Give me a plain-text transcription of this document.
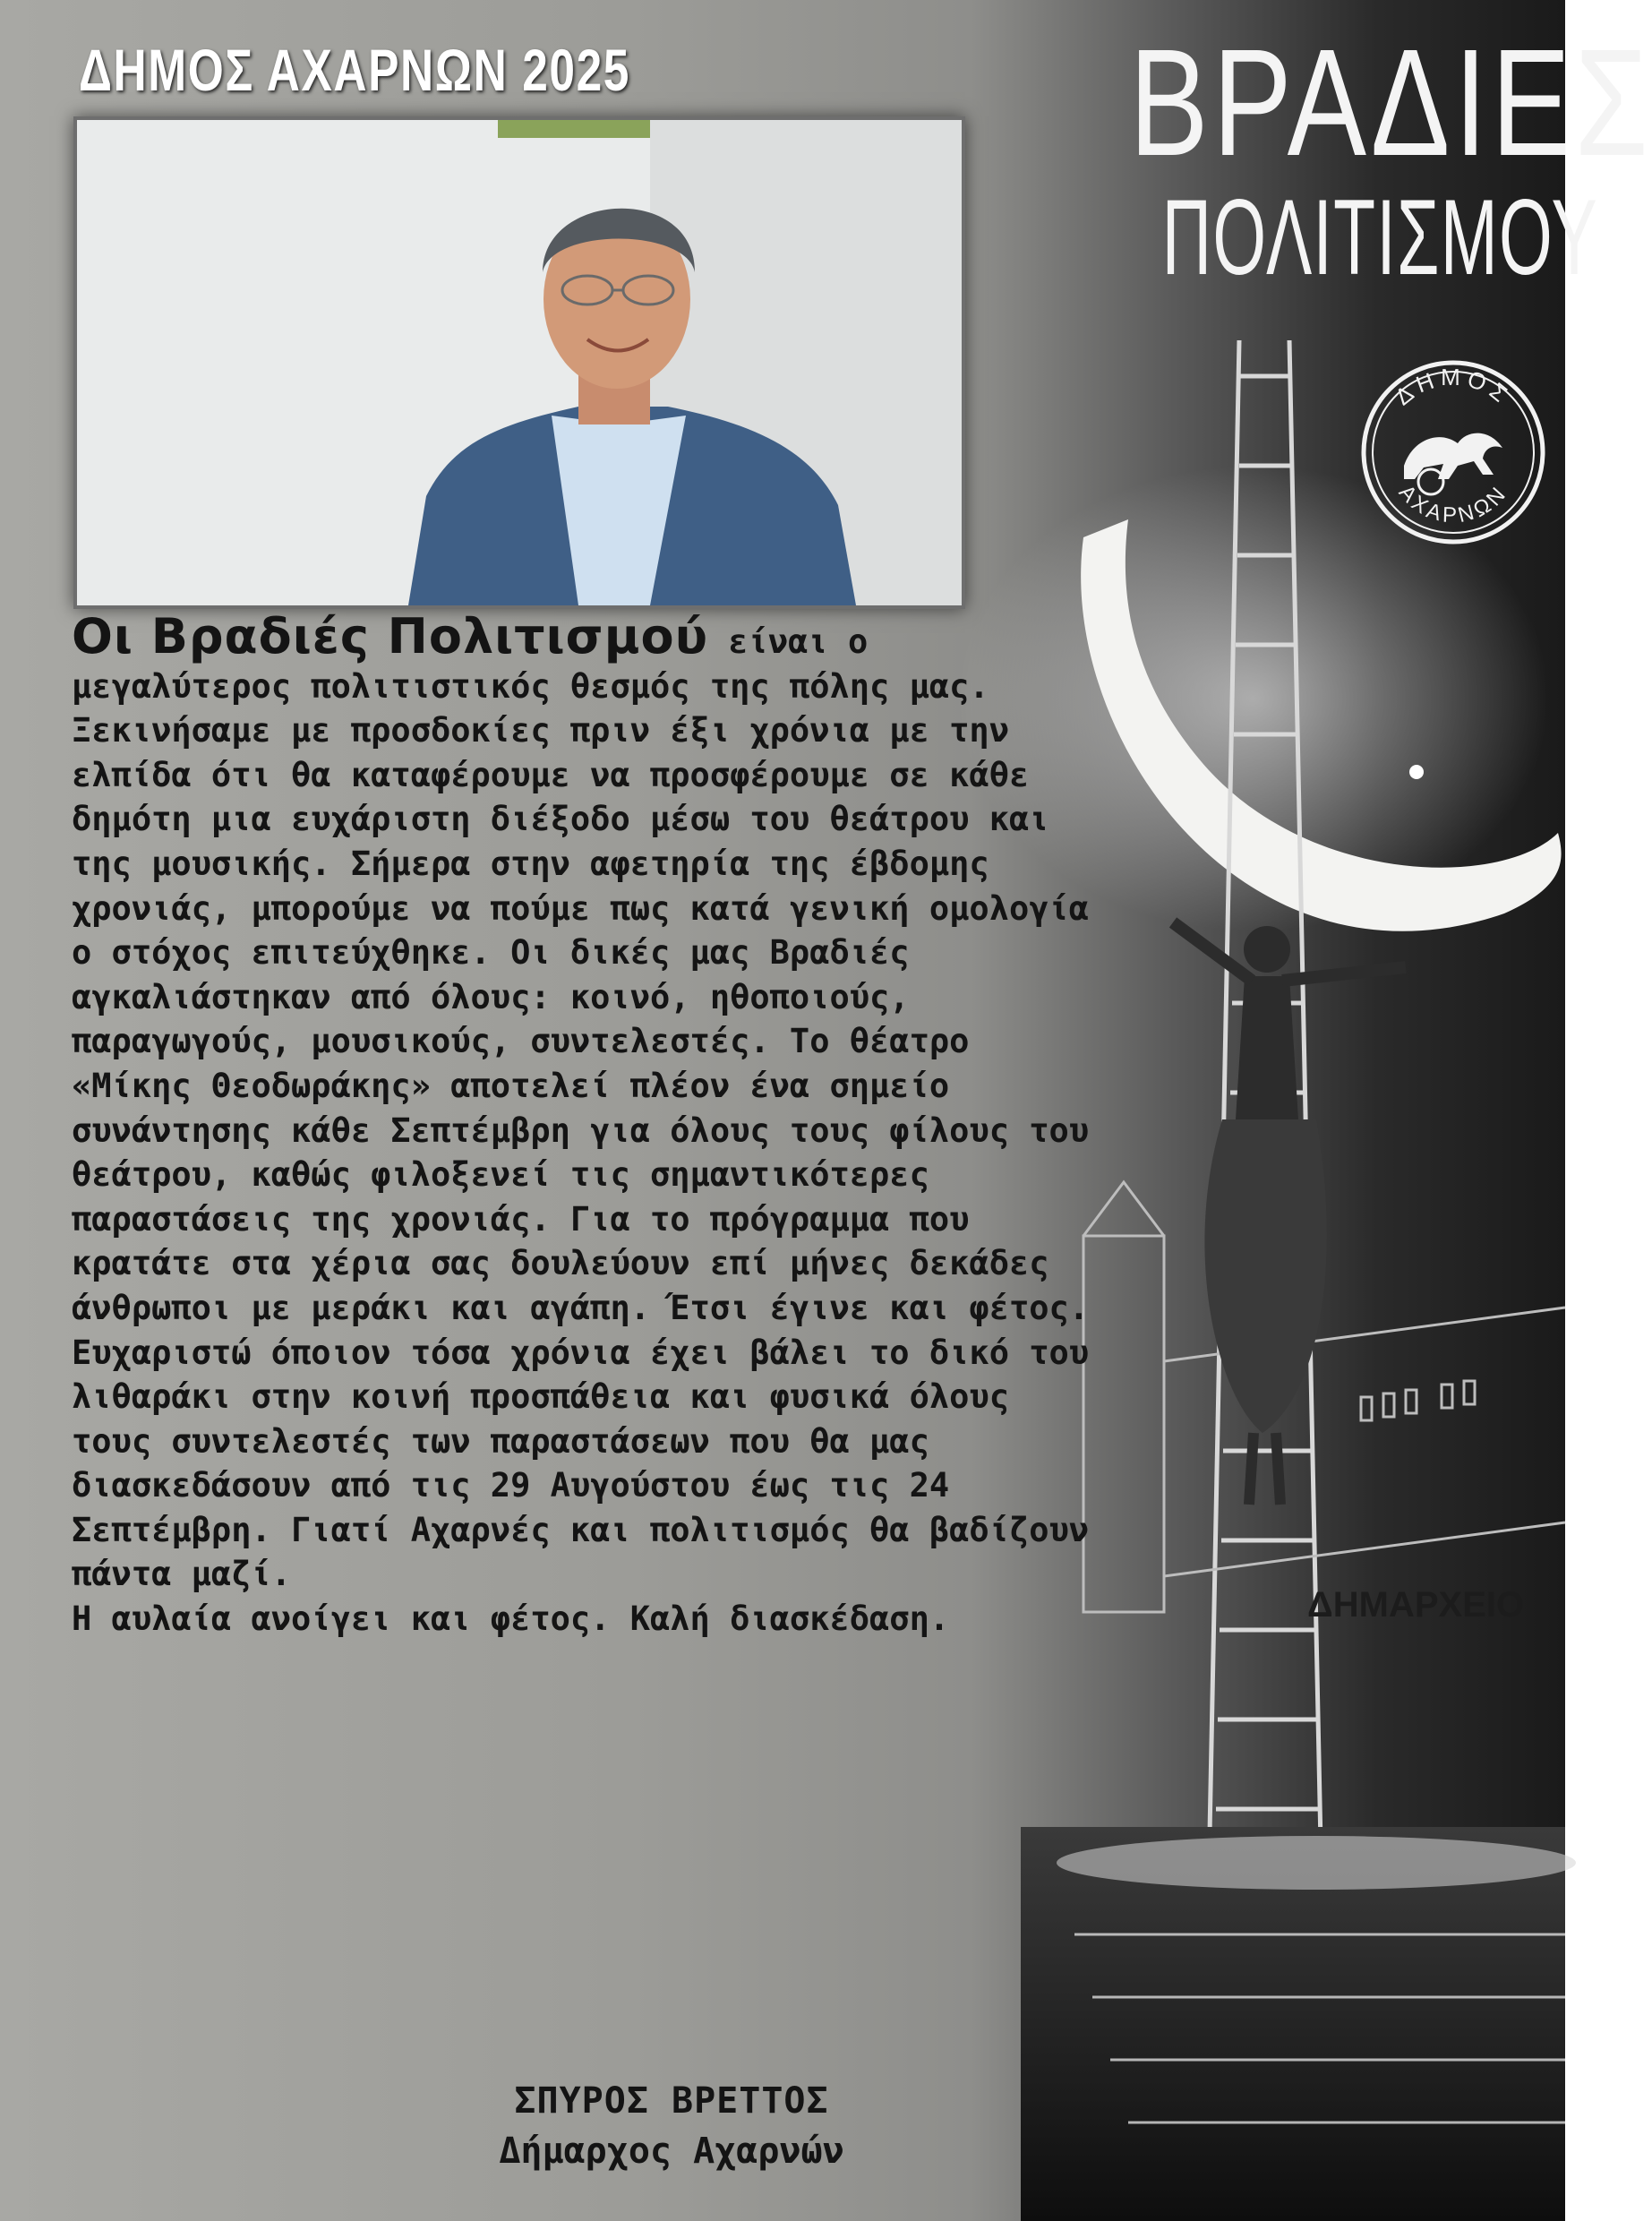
ΔΗΜΑΡΧΕΙΟ
ΔΗΜΟΣ ΑΧΑΡΝΩΝ 2025	ΒΡΑΔΙΕΣ
ΠΟΛΙΤΙΣΜΟΥ
ΔΗΜΟΣ
ΑΧΑΡΝΩΝ

Οι Βραδιές Πολιτισμού είναι ο μεγαλύτερος πολιτιστικός θεσμός της πόλης μας. Ξεκινήσαμε με προσδοκίες πριν έξι χρόνια με την ελπίδα ότι θα καταφέρουμε να προσφέρουμε σε κάθε δημότη μια ευχάριστη διέξοδο μέσω του θεάτρου και της μουσικής. Σήμερα στην αφετηρία της έβδομης χρονιάς, μπορούμε να πούμε πως κατά γενική ομολογία ο στόχος επιτεύχθηκε. Οι δικές μας Βραδιές αγκαλιάστηκαν από όλους: κοινό, ηθοποιούς, παραγωγούς, μουσικούς, συντελεστές. Το θέατρο «Μίκης Θεοδωράκης» αποτελεί πλέον ένα σημείο συνάντησης κάθε Σεπτέμβρη για όλους τους φίλους του θεάτρου, καθώς φιλοξενεί τις σημαντικότερες παραστάσεις της χρονιάς. Για το πρόγραμμα που κρατάτε στα χέρια σας δουλεύουν επί μήνες δεκάδες άνθρωποι με μεράκι και αγάπη. Έτσι έγινε και φέτος. Ευχαριστώ όποιον τόσα χρόνια έχει βάλει το δικό του λιθαράκι στην κοινή προσπάθεια και φυσικά όλους τους συντελεστές των παραστάσεων που θα μας διασκεδάσουν από τις 29 Αυγούστου έως τις 24 Σεπτέμβρη. Γιατί Αχαρνές και πολιτισμός θα βαδίζουν πάντα μαζί.
Η αυλαία ανοίγει και φέτος. Καλή διασκέδαση.

ΣΠΥΡΟΣ ΒΡΕΤΤΟΣ
Δήμαρχος Αχαρνών
